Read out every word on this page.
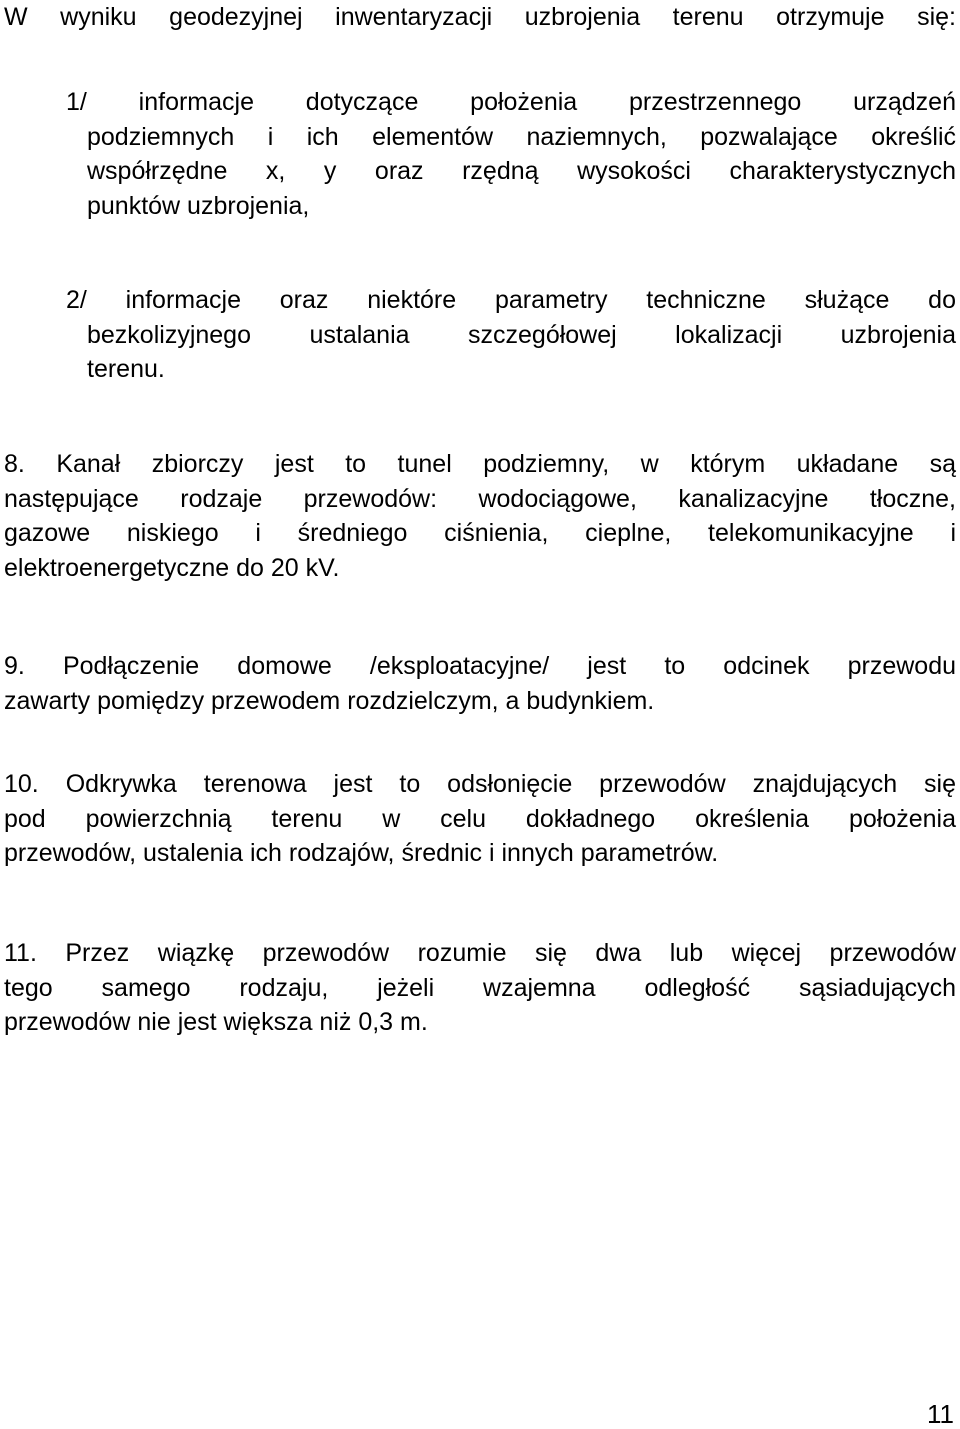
W wyniku geodezyjnej inwentaryzacji uzbrojenia terenu otrzymuje się:
1/ informacje dotyczące położenia przestrzennego urządzeń
podziemnych i ich elementów naziemnych, pozwalające określić
współrzędne x, y oraz rzędną wysokości charakterystycznych
punktów uzbrojenia,
2/ informacje oraz niektóre parametry techniczne służące do
bezkolizyjnego ustalania szczegółowej lokalizacji uzbrojenia
terenu.
8. Kanał zbiorczy jest to tunel podziemny, w którym układane są
następujące rodzaje przewodów: wodociągowe, kanalizacyjne tłoczne,
gazowe niskiego i średniego ciśnienia, cieplne, telekomunikacyjne i
elektroenergetyczne do 20 kV.
9. Podłączenie domowe /eksploatacyjne/ jest to odcinek przewodu
zawarty pomiędzy przewodem rozdzielczym, a budynkiem.
10. Odkrywka terenowa jest to odsłonięcie przewodów znajdujących się
pod powierzchnią terenu w celu dokładnego określenia położenia
przewodów, ustalenia ich rodzajów, średnic i innych parametrów.
11. Przez wiązkę przewodów rozumie się dwa lub więcej przewodów
tego samego rodzaju, jeżeli wzajemna odległość sąsiadujących
przewodów nie jest większa niż 0,3 m.
11
